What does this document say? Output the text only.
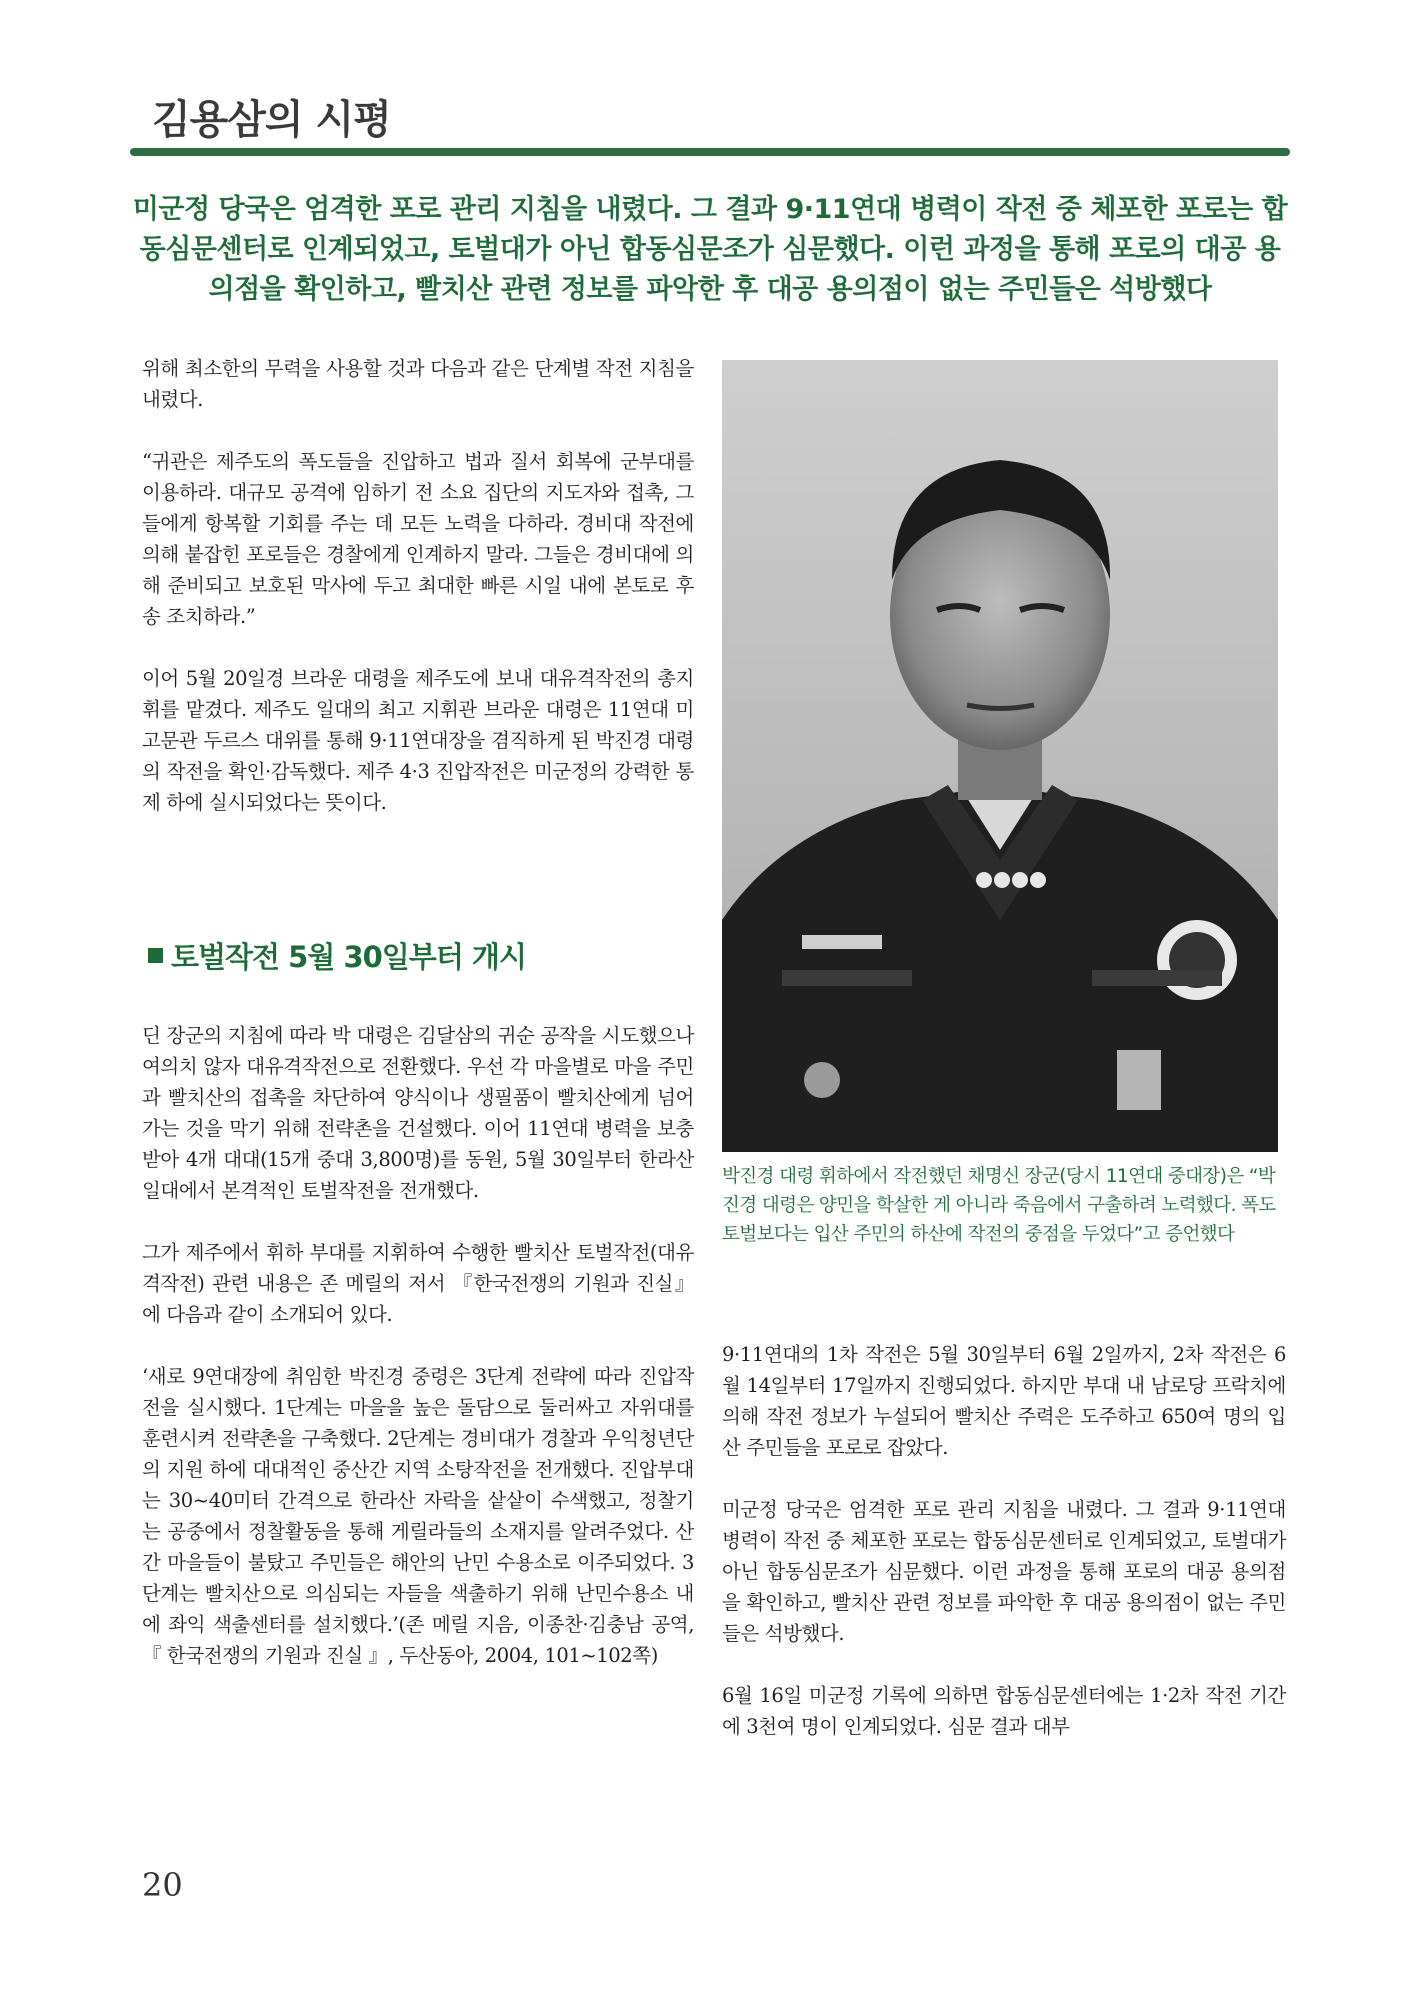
김용삼의 시평

미군정 당국은 엄격한 포로 관리 지침을 내렸다. 그 결과 9·11연대 병력이 작전 중 체포한 포로는 합동심문센터로 인계되었고, 토벌대가 아닌 합동심문조가 심문했다. 이런 과정을 통해 포로의 대공 용의점을 확인하고, 빨치산 관련 정보를 파악한 후 대공 용의점이 없는 주민들은 석방했다

위해 최소한의 무력을 사용할 것과 다음과 같은 단계별 작전 지침을 내렸다.

“귀관은 제주도의 폭도들을 진압하고 법과 질서 회복에 군부대를 이용하라. 대규모 공격에 임하기 전 소요 집단의 지도자와 접촉, 그들에게 항복할 기회를 주는 데 모든 노력을 다하라. 경비대 작전에 의해 붙잡힌 포로들은 경찰에게 인계하지 말라. 그들은 경비대에 의해 준비되고 보호된 막사에 두고 최대한 빠른 시일 내에 본토로 후송 조치하라.”

이어 5월 20일경 브라운 대령을 제주도에 보내 대유격작전의 총지휘를 맡겼다. 제주도 일대의 최고 지휘관 브라운 대령은 11연대 미 고문관 두르스 대위를 통해 9·11연대장을 겸직하게 된 박진경 대령의 작전을 확인·감독했다. 제주 4·3 진압작전은 미군정의 강력한 통제 하에 실시되었다는 뜻이다.

토벌작전 5월 30일부터 개시

딘 장군의 지침에 따라 박 대령은 김달삼의 귀순 공작을 시도했으나 여의치 않자 대유격작전으로 전환했다. 우선 각 마을별로 마을 주민과 빨치산의 접촉을 차단하여 양식이나 생필품이 빨치산에게 넘어가는 것을 막기 위해 전략촌을 건설했다. 이어 11연대 병력을 보충 받아 4개 대대(15개 중대 3,800명)를 동원, 5월 30일부터 한라산 일대에서 본격적인 토벌작전을 전개했다.

그가 제주에서 휘하 부대를 지휘하여 수행한 빨치산 토벌작전(대유격작전) 관련 내용은 존 메릴의 저서 『한국전쟁의 기원과 진실』에 다음과 같이 소개되어 있다.

‘새로 9연대장에 취임한 박진경 중령은 3단계 전략에 따라 진압작전을 실시했다. 1단계는 마을을 높은 돌담으로 둘러싸고 자위대를 훈련시켜 전략촌을 구축했다. 2단계는 경비대가 경찰과 우익청년단의 지원 하에 대대적인 중산간 지역 소탕작전을 전개했다. 진압부대는 30~40미터 간격으로 한라산 자락을 샅샅이 수색했고, 정찰기는 공중에서 정찰활동을 통해 게릴라들의 소재지를 알려주었다. 산간 마을들이 불탔고 주민들은 해안의 난민 수용소로 이주되었다. 3단계는 빨치산으로 의심되는 자들을 색출하기 위해 난민수용소 내에 좌익 색출센터를 설치했다.’(존 메릴 지음, 이종찬·김충남 공역, 『 한국전쟁의 기원과 진실 』, 두산동아, 2004, 101~102쪽)

박진경 대령 휘하에서 작전했던 채명신 장군(당시 11연대 중대장)은 “박진경 대령은 양민을 학살한 게 아니라 죽음에서 구출하려 노력했다. 폭도 토벌보다는 입산 주민의 하산에 작전의 중점을 두었다”고 증언했다

9·11연대의 1차 작전은 5월 30일부터 6월 2일까지, 2차 작전은 6월 14일부터 17일까지 진행되었다. 하지만 부대 내 남로당 프락치에 의해 작전 정보가 누설되어 빨치산 주력은 도주하고 650여 명의 입산 주민들을 포로로 잡았다.

미군정 당국은 엄격한 포로 관리 지침을 내렸다. 그 결과 9·11연대 병력이 작전 중 체포한 포로는 합동심문센터로 인계되었고, 토벌대가 아닌 합동심문조가 심문했다. 이런 과정을 통해 포로의 대공 용의점을 확인하고, 빨치산 관련 정보를 파악한 후 대공 용의점이 없는 주민들은 석방했다.

6월 16일 미군정 기록에 의하면 합동심문센터에는 1·2차 작전 기간에 3천여 명이 인계되었다. 심문 결과 대부

20
